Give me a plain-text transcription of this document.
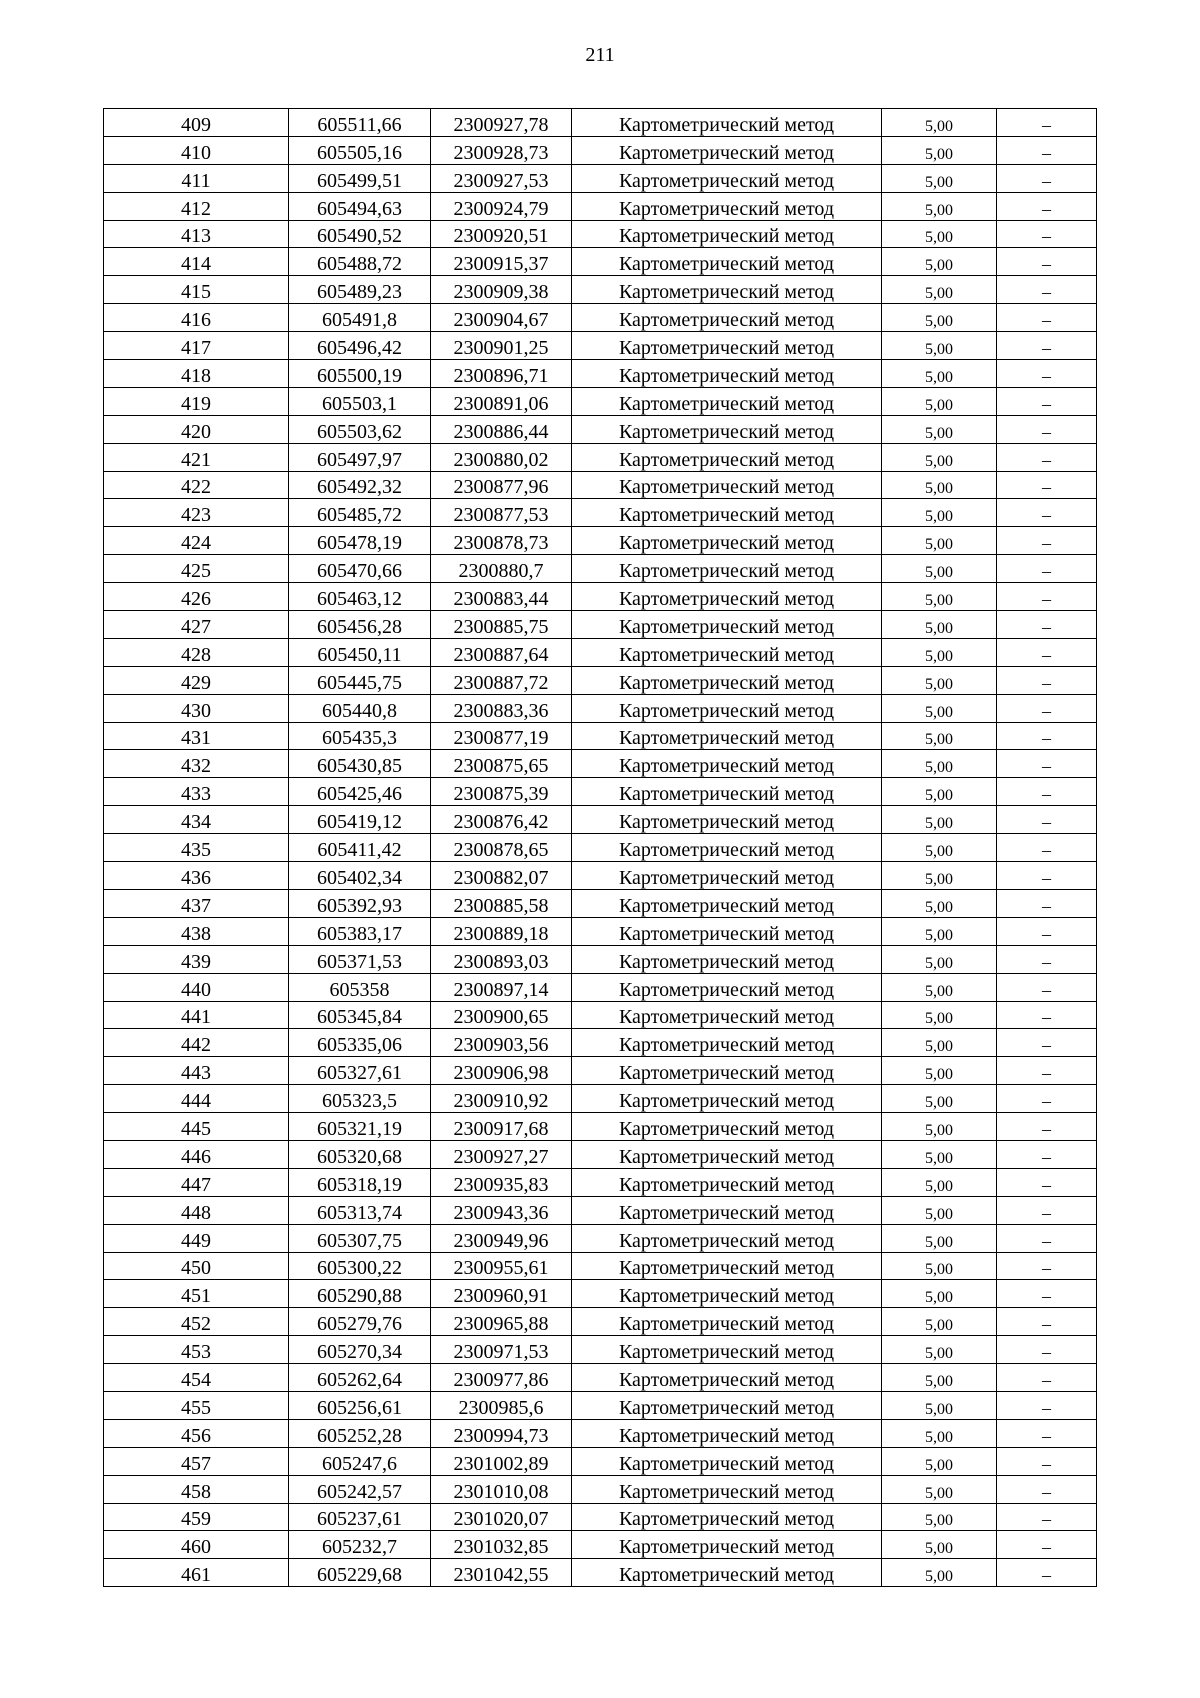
211
409	605511,66	2300927,78	Картометрический метод	5,00	–
410	605505,16	2300928,73	Картометрический метод	5,00	–
411	605499,51	2300927,53	Картометрический метод	5,00	–
412	605494,63	2300924,79	Картометрический метод	5,00	–
413	605490,52	2300920,51	Картометрический метод	5,00	–
414	605488,72	2300915,37	Картометрический метод	5,00	–
415	605489,23	2300909,38	Картометрический метод	5,00	–
416	605491,8	2300904,67	Картометрический метод	5,00	–
417	605496,42	2300901,25	Картометрический метод	5,00	–
418	605500,19	2300896,71	Картометрический метод	5,00	–
419	605503,1	2300891,06	Картометрический метод	5,00	–
420	605503,62	2300886,44	Картометрический метод	5,00	–
421	605497,97	2300880,02	Картометрический метод	5,00	–
422	605492,32	2300877,96	Картометрический метод	5,00	–
423	605485,72	2300877,53	Картометрический метод	5,00	–
424	605478,19	2300878,73	Картометрический метод	5,00	–
425	605470,66	2300880,7	Картометрический метод	5,00	–
426	605463,12	2300883,44	Картометрический метод	5,00	–
427	605456,28	2300885,75	Картометрический метод	5,00	–
428	605450,11	2300887,64	Картометрический метод	5,00	–
429	605445,75	2300887,72	Картометрический метод	5,00	–
430	605440,8	2300883,36	Картометрический метод	5,00	–
431	605435,3	2300877,19	Картометрический метод	5,00	–
432	605430,85	2300875,65	Картометрический метод	5,00	–
433	605425,46	2300875,39	Картометрический метод	5,00	–
434	605419,12	2300876,42	Картометрический метод	5,00	–
435	605411,42	2300878,65	Картометрический метод	5,00	–
436	605402,34	2300882,07	Картометрический метод	5,00	–
437	605392,93	2300885,58	Картометрический метод	5,00	–
438	605383,17	2300889,18	Картометрический метод	5,00	–
439	605371,53	2300893,03	Картометрический метод	5,00	–
440	605358	2300897,14	Картометрический метод	5,00	–
441	605345,84	2300900,65	Картометрический метод	5,00	–
442	605335,06	2300903,56	Картометрический метод	5,00	–
443	605327,61	2300906,98	Картометрический метод	5,00	–
444	605323,5	2300910,92	Картометрический метод	5,00	–
445	605321,19	2300917,68	Картометрический метод	5,00	–
446	605320,68	2300927,27	Картометрический метод	5,00	–
447	605318,19	2300935,83	Картометрический метод	5,00	–
448	605313,74	2300943,36	Картометрический метод	5,00	–
449	605307,75	2300949,96	Картометрический метод	5,00	–
450	605300,22	2300955,61	Картометрический метод	5,00	–
451	605290,88	2300960,91	Картометрический метод	5,00	–
452	605279,76	2300965,88	Картометрический метод	5,00	–
453	605270,34	2300971,53	Картометрический метод	5,00	–
454	605262,64	2300977,86	Картометрический метод	5,00	–
455	605256,61	2300985,6	Картометрический метод	5,00	–
456	605252,28	2300994,73	Картометрический метод	5,00	–
457	605247,6	2301002,89	Картометрический метод	5,00	–
458	605242,57	2301010,08	Картометрический метод	5,00	–
459	605237,61	2301020,07	Картометрический метод	5,00	–
460	605232,7	2301032,85	Картометрический метод	5,00	–
461	605229,68	2301042,55	Картометрический метод	5,00	–
